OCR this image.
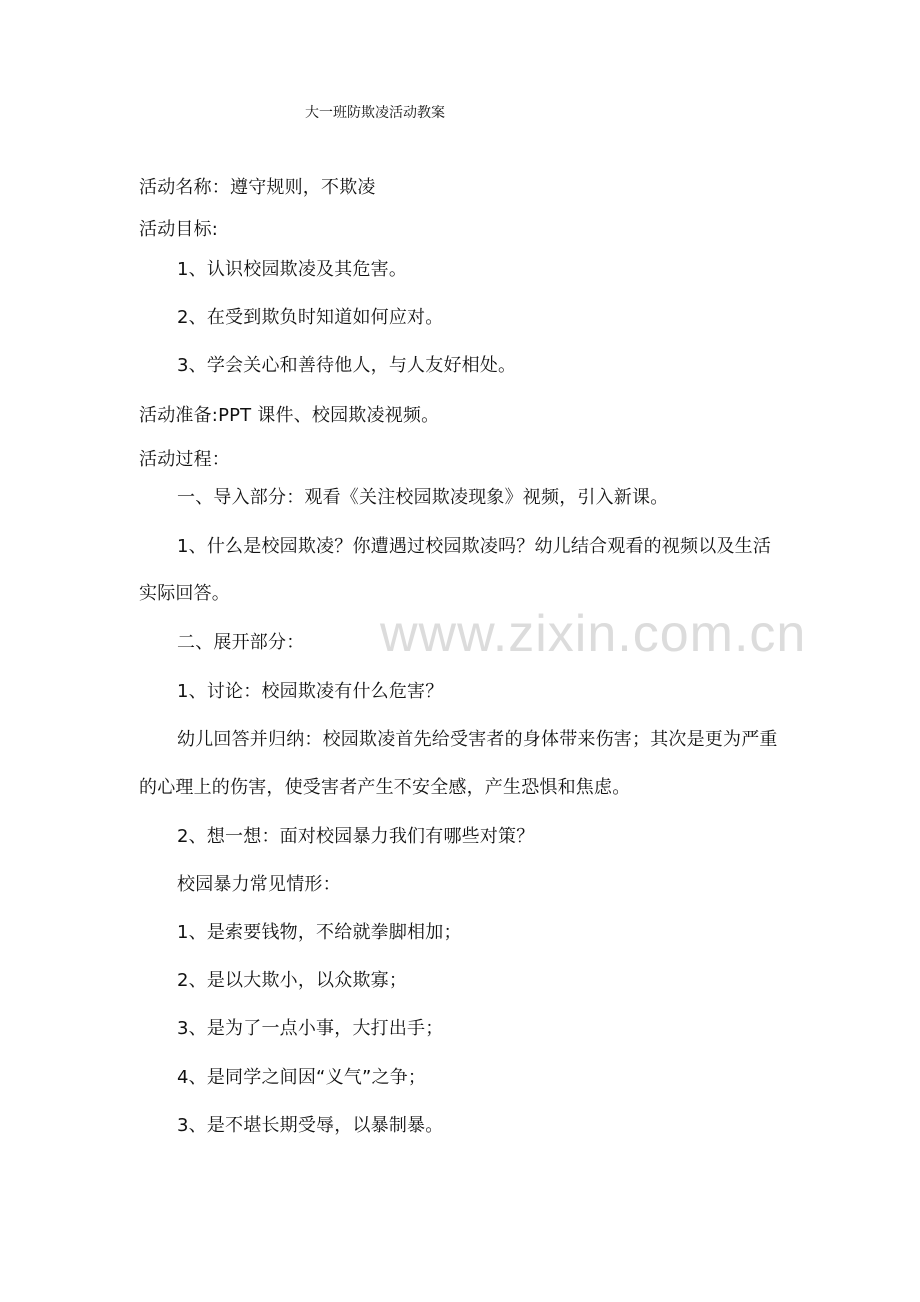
大一班防欺凌活动教案
活动名称：遵守规则，不欺凌
活动目标:
1、认识校园欺凌及其危害。
2、在受到欺负时知道如何应对。
3、学会关心和善待他人，与人友好相处。
活动准备:PPT 课件、校园欺凌视频。
活动过程：
一、导入部分：观看《关注校园欺凌现象》视频，引入新课。
1、什么是校园欺凌？你遭遇过校园欺凌吗？幼儿结合观看的视频以及生活
实际回答。
二、展开部分：
1、讨论：校园欺凌有什么危害？
幼儿回答并归纳：校园欺凌首先给受害者的身体带来伤害；其次是更为严重
的心理上的伤害，使受害者产生不安全感，产生恐惧和焦虑。
2、想一想：面对校园暴力我们有哪些对策？
校园暴力常见情形：
1、是索要钱物，不给就拳脚相加；
2、是以大欺小，以众欺寡；
3、是为了一点小事，大打出手；
4、是同学之间因“义气”之争；
3、是不堪长期受辱，以暴制暴。
www.zixin.com.cn
